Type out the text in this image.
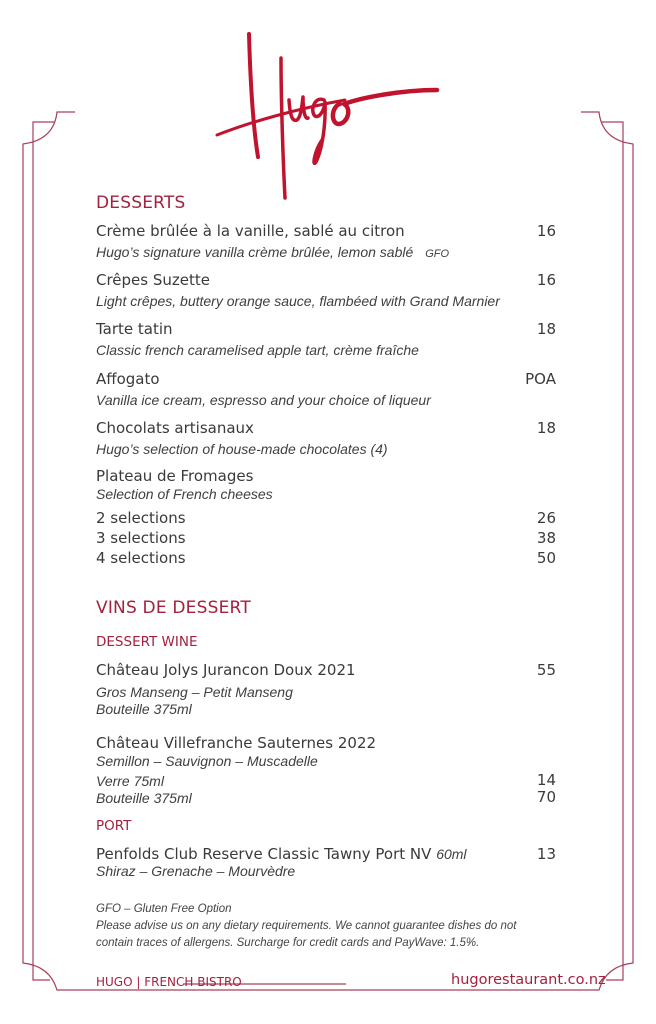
DESSERTS
Crème brûlée à la vanille, sablé au citron	16
Hugo’s signature vanilla crème brûlée, lemon sablé GFO
Crêpes Suzette	16
Light crêpes, buttery orange sauce, flambéed with Grand Marnier
Tarte tatin	18
Classic french caramelised apple tart, crème fraîche
Affogato	POA
Vanilla ice cream, espresso and your choice of liqueur
Chocolats artisanaux	18
Hugo’s selection of house-made chocolates (4)
Plateau de Fromages
Selection of French cheeses
2 selections	26
3 selections	38
4 selections	50
VINS DE DESSERT
DESSERT WINE
Château Jolys Jurancon Doux 2021	55
Gros Manseng – Petit Manseng
Bouteille 375ml
Château Villefranche Sauternes 2022
Semillon – Sauvignon – Muscadelle
Verre 75ml	14
Bouteille 375ml	70
PORT
Penfolds Club Reserve Classic Tawny Port NV 60ml	13
Shiraz – Grenache – Mourvèdre
GFO – Gluten Free Option
Please advise us on any dietary requirements. We cannot guarantee dishes do not
contain traces of allergens. Surcharge for credit cards and PayWave: 1.5%.
HUGO | FRENCH BISTRO	hugorestaurant.co.nz
